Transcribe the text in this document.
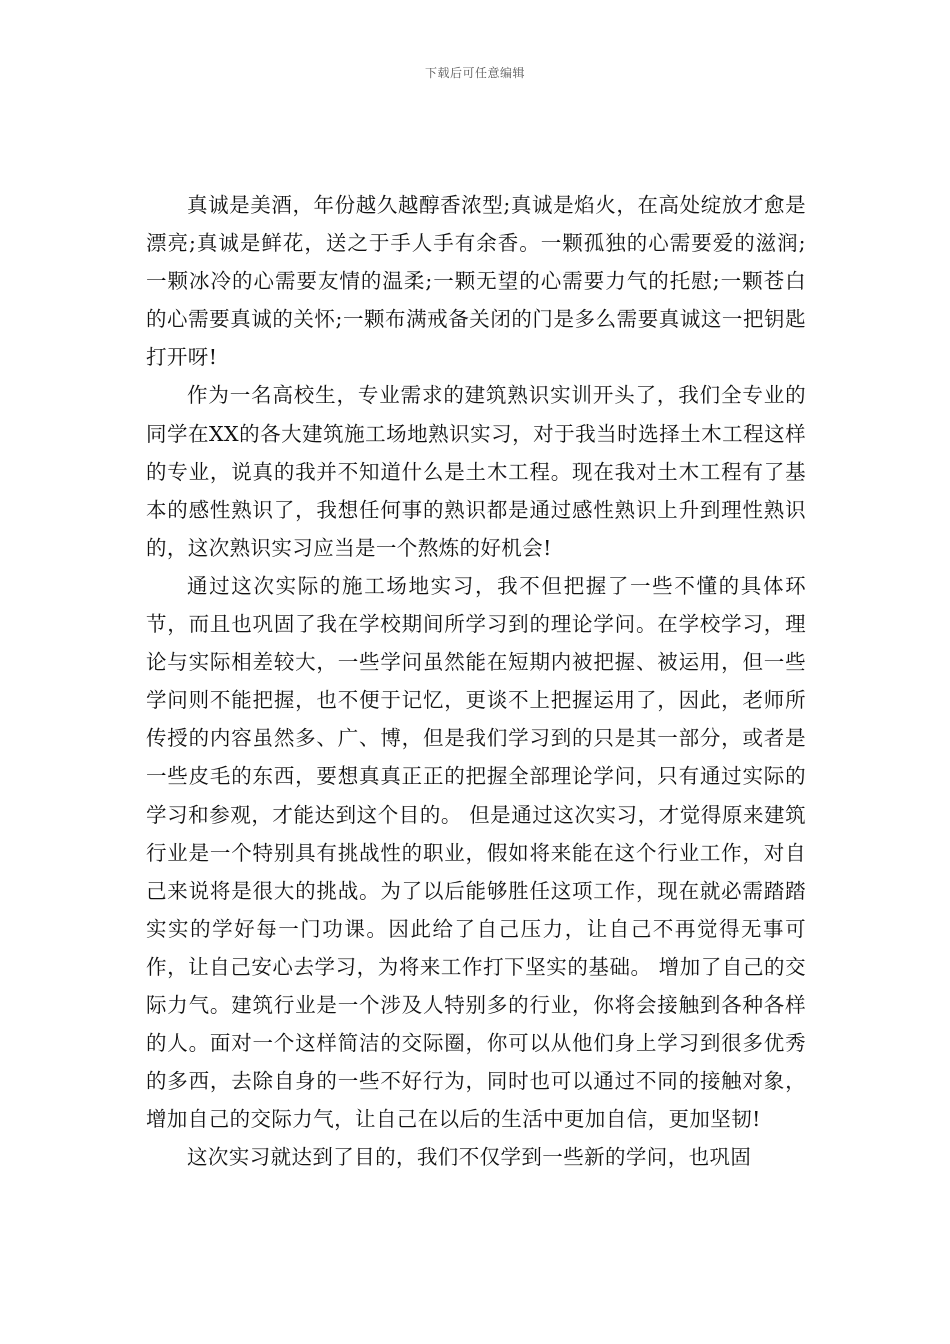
下载后可任意编辑

真诚是美酒，年份越久越醇香浓型;真诚是焰火，在高处绽放才愈是漂亮;真诚是鲜花，送之于手人手有余香。一颗孤独的心需要爱的滋润;一颗冰冷的心需要友情的温柔;一颗无望的心需要力气的托慰;一颗苍白的心需要真诚的关怀;一颗布满戒备关闭的门是多么需要真诚这一把钥匙打开呀!

作为一名高校生，专业需求的建筑熟识实训开头了，我们全专业的同学在XX的各大建筑施工场地熟识实习，对于我当时选择土木工程这样的专业，说真的我并不知道什么是土木工程。现在我对土木工程有了基本的感性熟识了，我想任何事的熟识都是通过感性熟识上升到理性熟识的，这次熟识实习应当是一个熬炼的好机会!

通过这次实际的施工场地实习，我不但把握了一些不懂的具体环节，而且也巩固了我在学校期间所学习到的理论学问。在学校学习，理论与实际相差较大，一些学问虽然能在短期内被把握、被运用，但一些学问则不能把握，也不便于记忆，更谈不上把握运用了，因此，老师所传授的内容虽然多、广、博，但是我们学习到的只是其一部分，或者是一些皮毛的东西，要想真真正正的把握全部理论学问，只有通过实际的学习和参观，才能达到这个目的。 但是通过这次实习，才觉得原来建筑行业是一个特别具有挑战性的职业，假如将来能在这个行业工作，对自己来说将是很大的挑战。为了以后能够胜任这项工作，现在就必需踏踏实实的学好每一门功课。因此给了自己压力，让自己不再觉得无事可作，让自己安心去学习，为将来工作打下坚实的基础。 增加了自己的交际力气。建筑行业是一个涉及人特别多的行业，你将会接触到各种各样的人。面对一个这样简洁的交际圈，你可以从他们身上学习到很多优秀的多西，去除自身的一些不好行为，同时也可以通过不同的接触对象，增加自己的交际力气，让自己在以后的生活中更加自信，更加坚韧!

这次实习就达到了目的，我们不仅学到一些新的学问，也巩固
